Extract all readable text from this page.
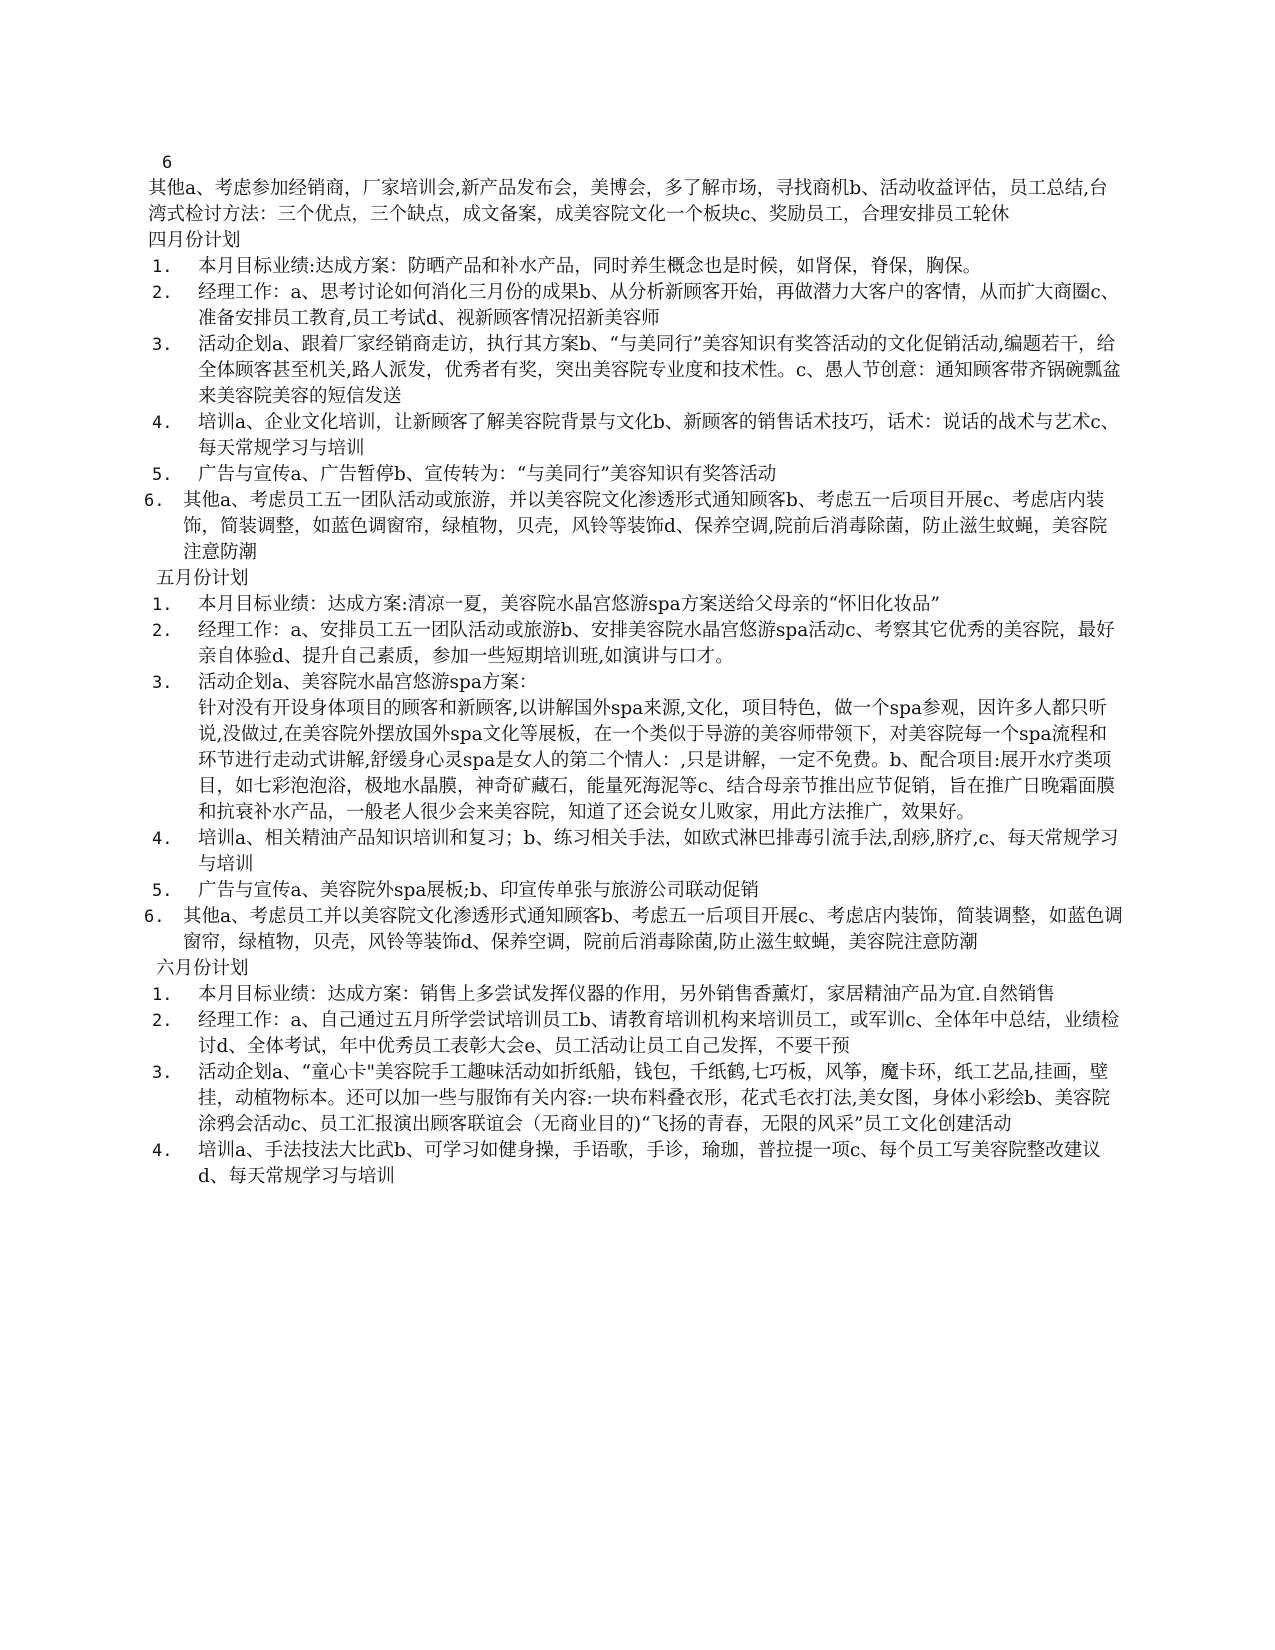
6

其他a、考虑参加经销商，厂家培训会,新产品发布会，美博会，多了解市场，寻找商机b、活动收益评估，员工总结,台湾式检讨方法：三个优点，三个缺点，成文备案，成美容院文化一个板块c、奖励员工，合理安排员工轮休

四月份计划

1. 本月目标业绩:达成方案：防晒产品和补水产品，同时养生概念也是时候，如肾保，脊保，胸保。
2. 经理工作：a、思考讨论如何消化三月份的成果b、从分析新顾客开始，再做潜力大客户的客情，从而扩大商圈c、准备安排员工教育,员工考试d、视新顾客情况招新美容师
3. 活动企划a、跟着厂家经销商走访，执行其方案b、“与美同行”美容知识有奖答活动的文化促销活动,编题若干，给全体顾客甚至机关,路人派发，优秀者有奖，突出美容院专业度和技术性。c、愚人节创意：通知顾客带齐锅碗瓢盆来美容院美容的短信发送
4. 培训a、企业文化培训，让新顾客了解美容院背景与文化b、新顾客的销售话术技巧，话术：说话的战术与艺术c、每天常规学习与培训
5. 广告与宣传a、广告暂停b、宣传转为：“与美同行”美容知识有奖答活动
6. 其他a、考虑员工五一团队活动或旅游，并以美容院文化渗透形式通知顾客b、考虑五一后项目开展c、考虑店内装饰，简装调整，如蓝色调窗帘，绿植物，贝壳，风铃等装饰d、保养空调,院前后消毒除菌，防止滋生蚊蝇，美容院注意防潮

五月份计划

1. 本月目标业绩：达成方案:清凉一夏，美容院水晶宫悠游spa方案送给父母亲的“怀旧化妆品”
2. 经理工作：a、安排员工五一团队活动或旅游b、安排美容院水晶宫悠游spa活动c、考察其它优秀的美容院，最好亲自体验d、提升自己素质，参加一些短期培训班,如演讲与口才。
3. 活动企划a、美容院水晶宫悠游spa方案：
针对没有开设身体项目的顾客和新顾客,以讲解国外spa来源,文化，项目特色，做一个spa参观，因许多人都只听说,没做过,在美容院外摆放国外spa文化等展板，在一个类似于导游的美容师带领下，对美容院每一个spa流程和环节进行走动式讲解,舒缓身心灵spa是女人的第二个情人：,只是讲解，一定不免费。b、配合项目:展开水疗类项目，如七彩泡泡浴，极地水晶膜，神奇矿藏石，能量死海泥等c、结合母亲节推出应节促销，旨在推广日晚霜面膜和抗衰补水产品，一般老人很少会来美容院，知道了还会说女儿败家，用此方法推广，效果好。
4. 培训a、相关精油产品知识培训和复习；b、练习相关手法，如欧式淋巴排毒引流手法,刮痧,脐疗,c、每天常规学习与培训
5. 广告与宣传a、美容院外spa展板;b、印宣传单张与旅游公司联动促销
6. 其他a、考虑员工并以美容院文化渗透形式通知顾客b、考虑五一后项目开展c、考虑店内装饰，简装调整，如蓝色调窗帘，绿植物，贝壳，风铃等装饰d、保养空调，院前后消毒除菌,防止滋生蚊蝇，美容院注意防潮

六月份计划

1. 本月目标业绩：达成方案：销售上多尝试发挥仪器的作用，另外销售香薰灯，家居精油产品为宜.自然销售
2. 经理工作：a、自己通过五月所学尝试培训员工b、请教育培训机构来培训员工，或军训c、全体年中总结，业绩检讨d、全体考试，年中优秀员工表彰大会e、员工活动让员工自己发挥，不要干预
3. 活动企划a、“童心卡"美容院手工趣味活动如折纸船，钱包，千纸鹤,七巧板，风筝，魔卡环，纸工艺品,挂画，壁挂，动植物标本。还可以加一些与服饰有关内容:一块布料叠衣形，花式毛衣打法,美女图，身体小彩绘b、美容院涂鸦会活动c、员工汇报演出顾客联谊会（无商业目的)“飞扬的青春，无限的风采”员工文化创建活动
4. 培训a、手法技法大比武b、可学习如健身操，手语歌，手诊，瑜珈，普拉提一项c、每个员工写美容院整改建议d、每天常规学习与培训
